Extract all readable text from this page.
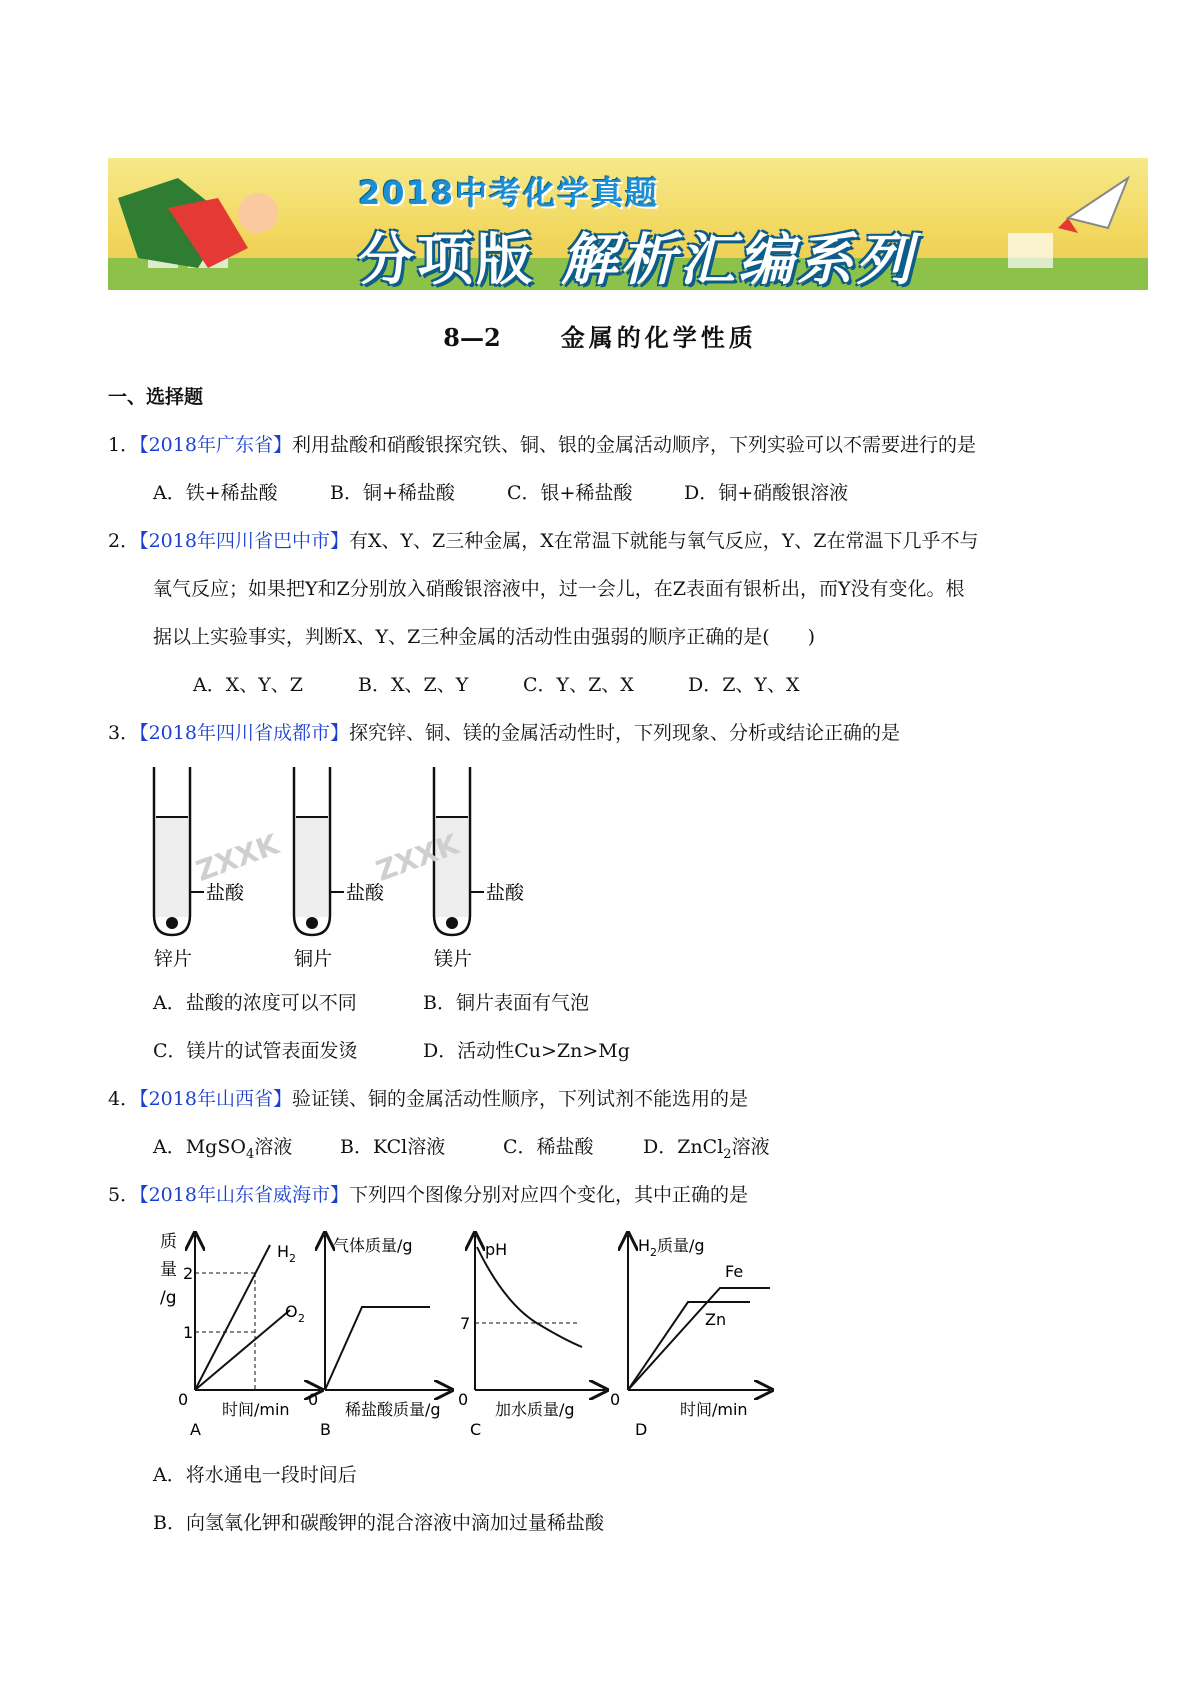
2018中考化学真题
分项版 解析汇编系列
8—2	金属的化学性质
一、选择题
1．【2018年广东省】利用盐酸和硝酸银探究铁、铜、银的金属活动顺序，下列实验可以不需要进行的是
A．铁+稀盐酸	B．铜+稀盐酸	C．银+稀盐酸	D．铜+硝酸银溶液
2．【2018年四川省巴中市】有X、Y、Z三种金属，X在常温下就能与氧气反应，Y、Z在常温下几乎不与
氧气反应；如果把Y和Z分别放入硝酸银溶液中，过一会儿，在Z表面有银析出，而Y没有变化。根
据以上实验事实，判断X、Y、Z三种金属的活动性由强弱的顺序正确的是(　　)
A．X、Y、Z	B．X、Z、Y	C．Y、Z、X	D．Z、Y、X
3．【2018年四川省成都市】探究锌、铜、镁的金属活动性时，下列现象、分析或结论正确的是
盐酸
锌片
盐酸
铜片
盐酸
镁片
ZXXK	ZXXK
A．盐酸的浓度可以不同	B．铜片表面有气泡
C．镁片的试管表面发烫	D．活动性Cu>Zn>Mg
4．【2018年山西省】验证镁、铜的金属活动性顺序，下列试剂不能选用的是
A．MgSO$_4$溶液	B．KCl溶液	C．稀盐酸	D．ZnCl$_2$溶液
5．【2018年山东省威海市】下列四个图像分别对应四个变化，其中正确的是
质
量
/g
2
1
0
时间/min
H 2
O 2
A
气体质量/g
0
稀盐酸质量/g
B
pH
7
0
加水质量/g
C
H 2 质量/g
Fe
Zn
0
时间/min
D
A．将水通电一段时间后
B．向氢氧化钾和碳酸钾的混合溶液中滴加过量稀盐酸
